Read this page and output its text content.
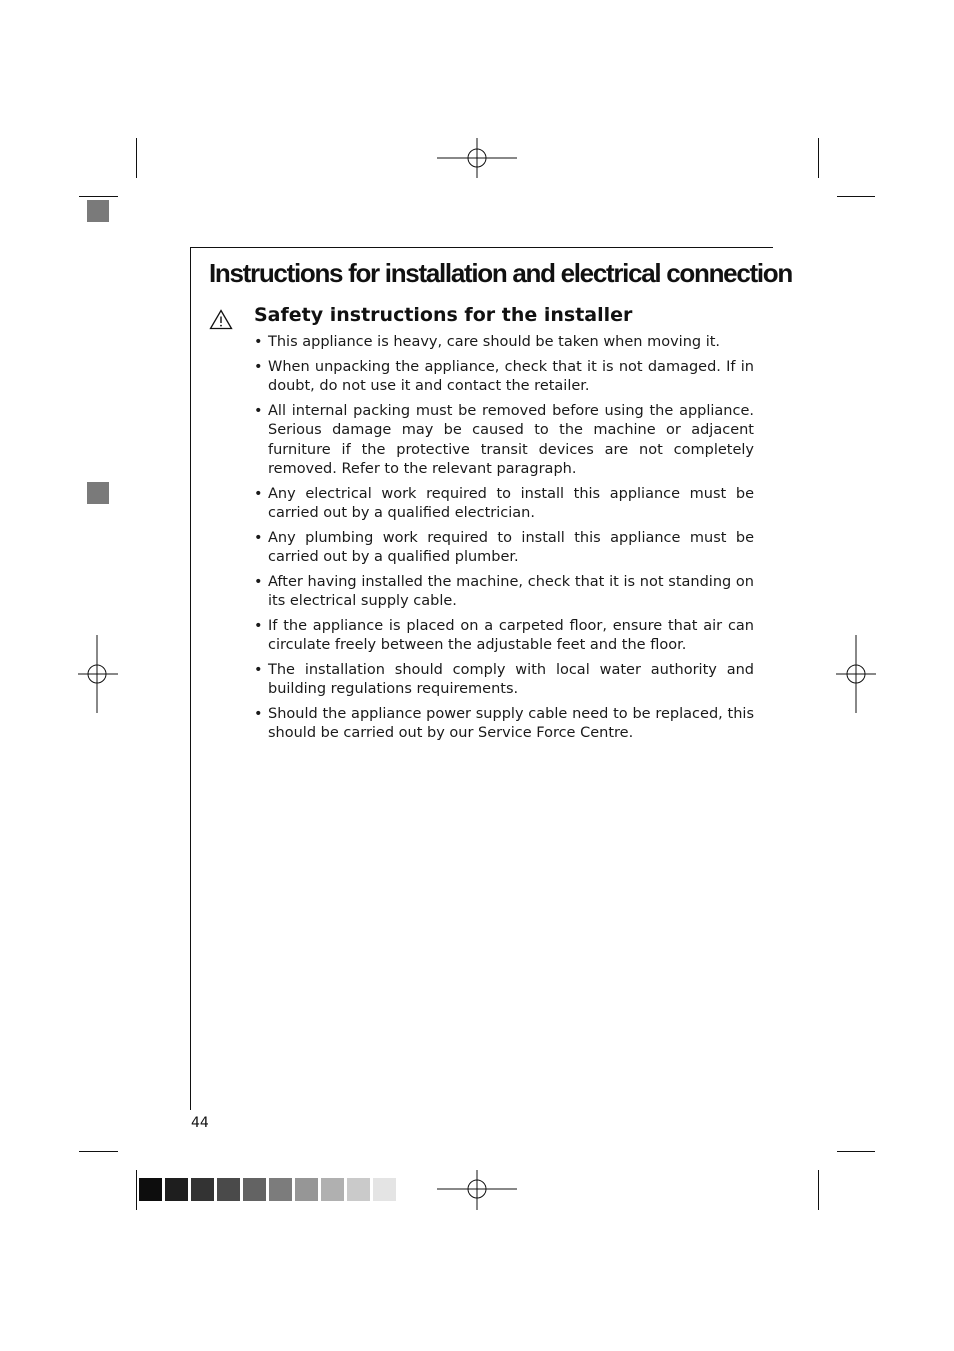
Instructions for installation and electrical connection
Safety instructions for the installer
• This appliance is heavy, care should be taken when moving it.
• When unpacking the appliance, check that it is not damaged. If in doubt, do not use it and contact the retailer.
• All internal packing must be removed before using the appliance. Serious damage may be caused to the machine or adjacent furniture if the protective transit devices are not completely removed. Refer to the relevant paragraph.
• Any electrical work required to install this appliance must be carried out by a qualified electrician.
• Any plumbing work required to install this appliance must be carried out by a qualified plumber.
• After having installed the machine, check that it is not standing on its electrical supply cable.
• If the appliance is placed on a carpeted floor, ensure that air can circulate freely between the adjustable feet and the floor.
• The installation should comply with local water authority and building regulations requirements.
• Should the appliance power supply cable need to be replaced, this should be carried out by our Service Force Centre.
44
